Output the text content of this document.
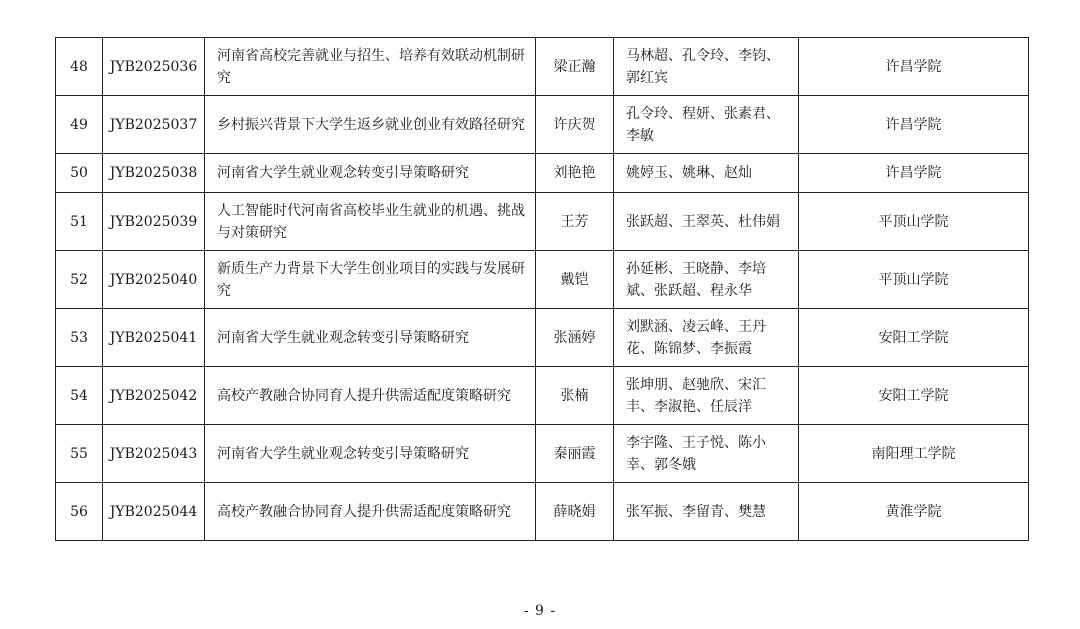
48	JYB2025036	河南省高校完善就业与招生、培养有效联动机制研究	梁正瀚	马林超、孔令玲、李钧、郭红宾	许昌学院
49	JYB2025037	乡村振兴背景下大学生返乡就业创业有效路径研究	许庆贺	孔令玲、程妍、张素君、李敏	许昌学院
50	JYB2025038	河南省大学生就业观念转变引导策略研究	刘艳艳	姚婷玉、姚琳、赵灿	许昌学院
51	JYB2025039	人工智能时代河南省高校毕业生就业的机遇、挑战与对策研究	王芳	张跃超、王翠英、杜伟娟	平顶山学院
52	JYB2025040	新质生产力背景下大学生创业项目的实践与发展研究	戴铠	孙延彬、王晓静、李培斌、张跃超、程永华	平顶山学院
53	JYB2025041	河南省大学生就业观念转变引导策略研究	张涵婷	刘默涵、凌云峰、王丹花、陈锦梦、李振霞	安阳工学院
54	JYB2025042	高校产教融合协同育人提升供需适配度策略研究	张楠	张坤朋、赵驰欣、宋汇丰、李淑艳、任辰洋	安阳工学院
55	JYB2025043	河南省大学生就业观念转变引导策略研究	秦丽霞	李宇隆、王子悦、陈小幸、郭冬娥	南阳理工学院
56	JYB2025044	高校产教融合协同育人提升供需适配度策略研究	薛晓娟	张军振、李留青、樊慧	黄淮学院
- 9 -
